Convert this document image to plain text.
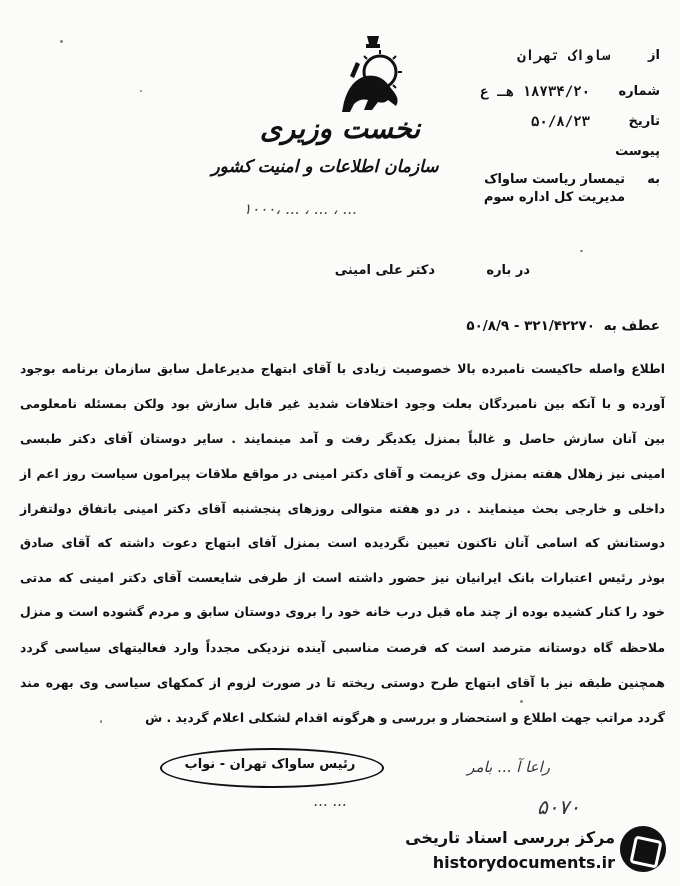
نخست وزیری
سازمان اطلاعات و امنیت کشور
۱۰۰۰، ... ، ... ، ...
از
ساواک تهران
شماره
۱۸۷۳۴/۲۰ هـ ع
تاریخ
۵۰/۸/۲۳
پیوست
به
تیمسار ریاست ساواک
مدیریت کل اداره سوم
در باره
دکتر علی امینی
عطف به
۵۰/۸/۹ - ۳۲۱/۴۲۲۷۰
اطلاع واصله حاکیست نامبرده بالا خصوصیت زیادی با آقای ابتهاج مدیرعامل سابق سازمان برنامه بوجود
آورده و با آنکه بین نامبردگان بعلت وجود اختلافات شدید غیر قابل سازش بود ولکن بمسئله نامعلومی
بین آنان سازش حاصل و غالباً بمنزل یکدیگر رفت و آمد مینمایند . سایر دوستان آقای دکتر طبسی
امینی نیز زهلال هفته بمنزل وی عزیمت و آقای دکتر امینی در مواقع ملاقات پیرامون سیاست روز اعم از
داخلی و خارجی بحث مینمایند . در دو هفته متوالی روزهای پنجشنبه آقای دکتر امینی باتفاق دولتفراز
دوستانش که اسامی آنان تاکنون تعیین نگردیده است بمنزل آقای ابتهاج دعوت داشته که آقای صادق
بوذر رئیس اعتبارات بانک ایرانیان نیز حضور داشته است از طرفی شایعست آقای دکتر امینی که مدتی
خود را کنار کشیده بوده از چند ماه قبل درب خانه خود را بروی دوستان سابق و مردم گشوده است و منزل
ملاحظه گاه دوستانه مترصد است که فرصت مناسبی آینده نزدیکی مجدداً وارد فعالیتهای سیاسی گردد
همچنین طبقه نیز با آقای ابتهاج طرح دوستی ریخته تا در صورت لزوم از کمکهای سیاسی وی بهره مند
گردد مراتب جهت اطلاع و استحضار و بررسی و هرگونه اقدام لشکلی اعلام گردید . ش
رئیس ساواک تهران - نواب	راعا آ ... بامر
... ...	۵۰۷۰
مرکز بررسی اسناد تاریخی
historydocuments.ir
